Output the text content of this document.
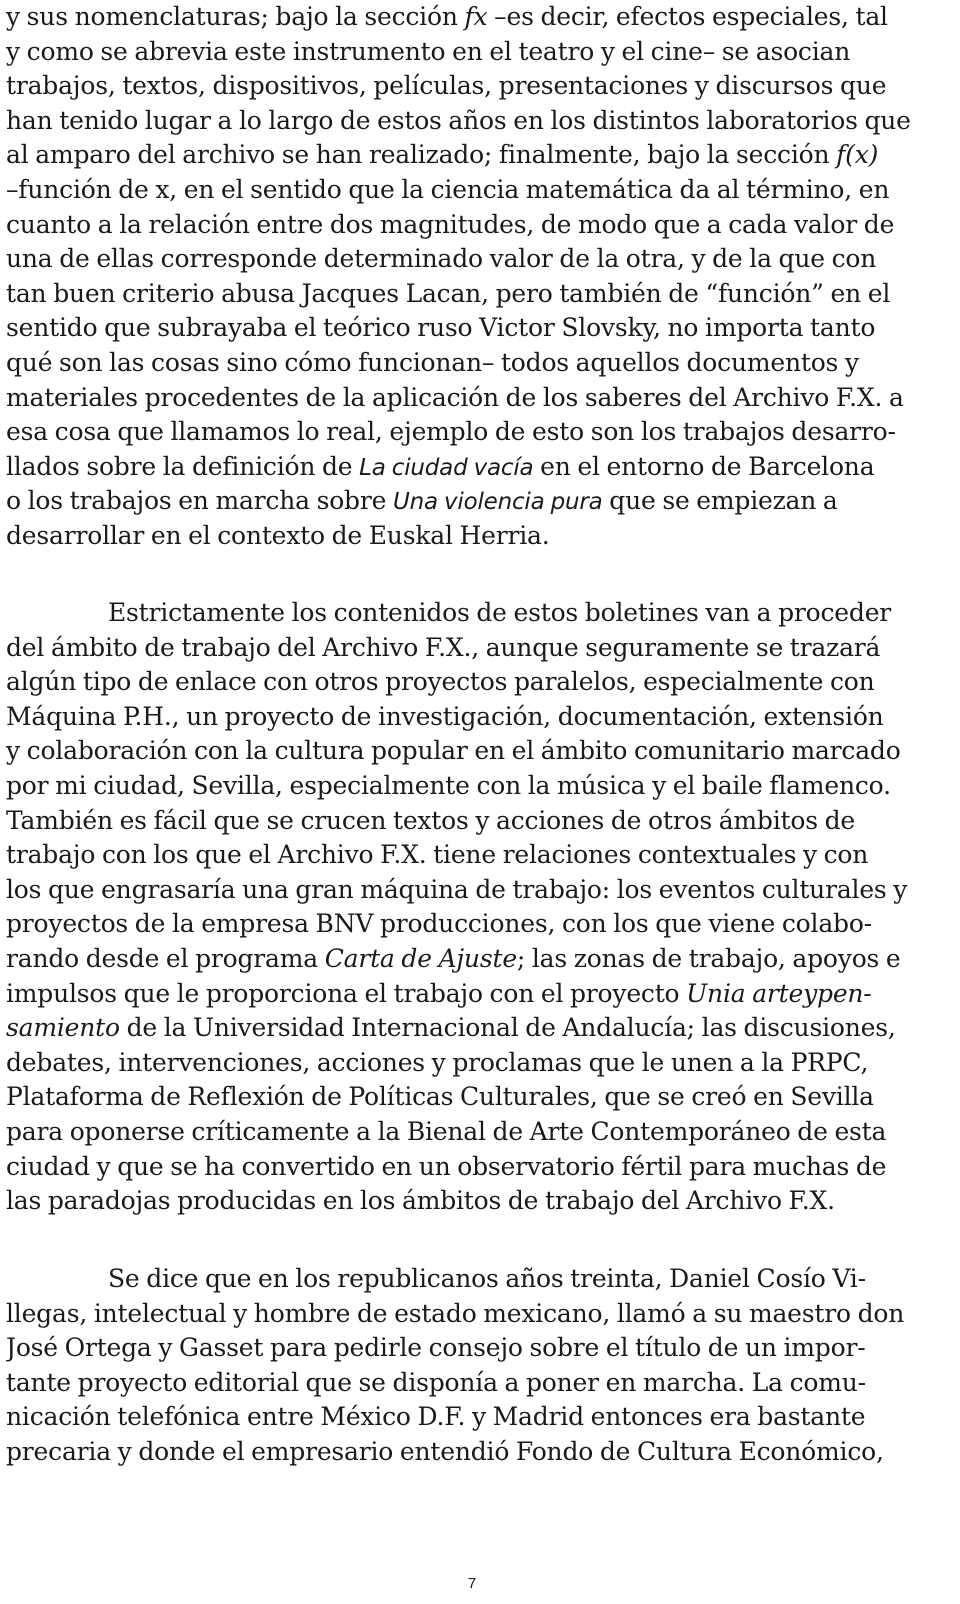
y sus nomenclaturas; bajo la sección fx –es decir, efectos especiales, tal
y como se abrevia este instrumento en el teatro y el cine– se asocian
trabajos, textos, dispositivos, películas, presentaciones y discursos que
han tenido lugar a lo largo de estos años en los distintos laboratorios que
al amparo del archivo se han realizado; finalmente, bajo la sección f(x)
–función de x, en el sentido que la ciencia matemática da al término, en
cuanto a la relación entre dos magnitudes, de modo que a cada valor de
una de ellas corresponde determinado valor de la otra, y de la que con
tan buen criterio abusa Jacques Lacan, pero también de “función” en el
sentido que subrayaba el teórico ruso Victor Slovsky, no importa tanto
qué son las cosas sino cómo funcionan– todos aquellos documentos y
materiales procedentes de la aplicación de los saberes del Archivo F.X. a
esa cosa que llamamos lo real, ejemplo de esto son los trabajos desarro-
llados sobre la definición de La ciudad vacía en el entorno de Barcelona
o los trabajos en marcha sobre Una violencia pura que se empiezan a
desarrollar en el contexto de Euskal Herria.
Estrictamente los contenidos de estos boletines van a proceder
del ámbito de trabajo del Archivo F.X., aunque seguramente se trazará
algún tipo de enlace con otros proyectos paralelos, especialmente con
Máquina P.H., un proyecto de investigación, documentación, extensión
y colaboración con la cultura popular en el ámbito comunitario marcado
por mi ciudad, Sevilla, especialmente con la música y el baile flamenco.
También es fácil que se crucen textos y acciones de otros ámbitos de
trabajo con los que el Archivo F.X. tiene relaciones contextuales y con
los que engrasaría una gran máquina de trabajo: los eventos culturales y
proyectos de la empresa BNV producciones, con los que viene colabo-
rando desde el programa Carta de Ajuste; las zonas de trabajo, apoyos e
impulsos que le proporciona el trabajo con el proyecto Unia arteypen-
samiento de la Universidad Internacional de Andalucía; las discusiones,
debates, intervenciones, acciones y proclamas que le unen a la PRPC,
Plataforma de Reflexión de Políticas Culturales, que se creó en Sevilla
para oponerse críticamente a la Bienal de Arte Contemporáneo de esta
ciudad y que se ha convertido en un observatorio fértil para muchas de
las paradojas producidas en los ámbitos de trabajo del Archivo F.X.
Se dice que en los republicanos años treinta, Daniel Cosío Vi-
llegas, intelectual y hombre de estado mexicano, llamó a su maestro don
José Ortega y Gasset para pedirle consejo sobre el título de un impor-
tante proyecto editorial que se disponía a poner en marcha. La comu-
nicación telefónica entre México D.F. y Madrid entonces era bastante
precaria y donde el empresario entendió Fondo de Cultura Económico,
7
